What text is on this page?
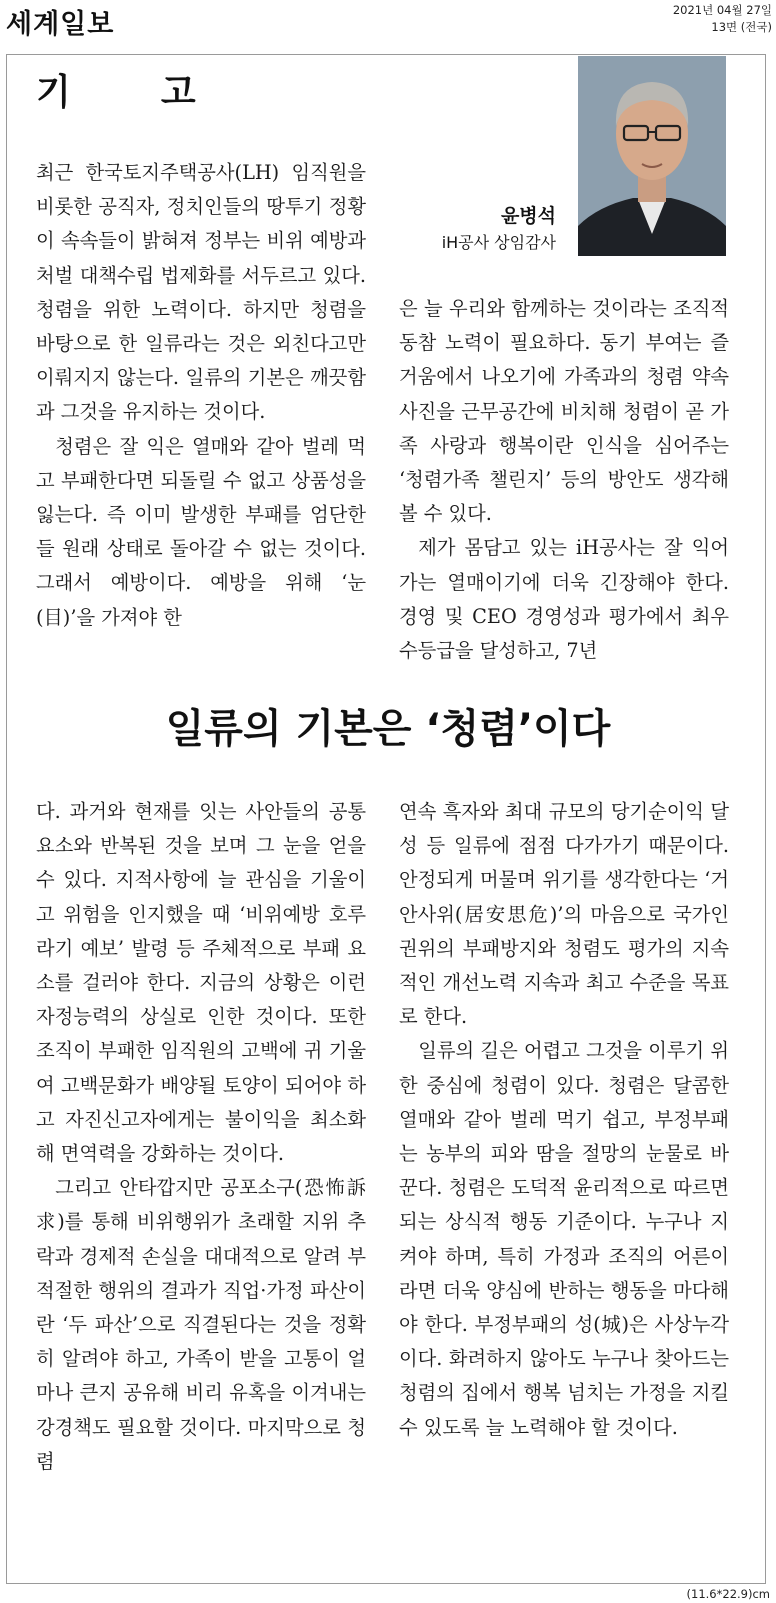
세계일보	2021년 04월 27일
13면 (전국)
기 고
윤병석
iH공사 상임감사

최근 한국토지주택공사(LH) 임직원을 비롯한 공직자, 정치인들의 땅투기 정황이 속속들이 밝혀져 정부는 비위 예방과 처벌 대책수립 법제화를 서두르고 있다. 청렴을 위한 노력이다. 하지만 청렴을 바탕으로 한 일류라는 것은 외친다고만 이뤄지지 않는다. 일류의 기본은 깨끗함과 그것을 유지하는 것이다.

청렴은 잘 익은 열매와 같아 벌레 먹고 부패한다면 되돌릴 수 없고 상품성을 잃는다. 즉 이미 발생한 부패를 엄단한들 원래 상태로 돌아갈 수 없는 것이다. 그래서 예방이다. 예방을 위해 ‘눈(目)’을 가져야 한

은 늘 우리와 함께하는 것이라는 조직적 동참 노력이 필요하다. 동기 부여는 즐거움에서 나오기에 가족과의 청렴 약속사진을 근무공간에 비치해 청렴이 곧 가족 사랑과 행복이란 인식을 심어주는 ‘청렴가족 챌린지’ 등의 방안도 생각해 볼 수 있다.

제가 몸담고 있는 iH공사는 잘 익어가는 열매이기에 더욱 긴장해야 한다. 경영 및 CEO 경영성과 평가에서 최우수등급을 달성하고, 7년

일류의 기본은 ‘청렴’이다

다. 과거와 현재를 잇는 사안들의 공통요소와 반복된 것을 보며 그 눈을 얻을 수 있다. 지적사항에 늘 관심을 기울이고 위험을 인지했을 때 ‘비위예방 호루라기 예보’ 발령 등 주체적으로 부패 요소를 걸러야 한다. 지금의 상황은 이런 자정능력의 상실로 인한 것이다. 또한 조직이 부패한 임직원의 고백에 귀 기울여 고백문화가 배양될 토양이 되어야 하고 자진신고자에게는 불이익을 최소화해 면역력을 강화하는 것이다.

그리고 안타깝지만 공포소구(恐怖訴求)를 통해 비위행위가 초래할 지위 추락과 경제적 손실을 대대적으로 알려 부적절한 행위의 결과가 직업·가정 파산이란 ‘두 파산’으로 직결된다는 것을 정확히 알려야 하고, 가족이 받을 고통이 얼마나 큰지 공유해 비리 유혹을 이겨내는 강경책도 필요할 것이다. 마지막으로 청렴

연속 흑자와 최대 규모의 당기순이익 달성 등 일류에 점점 다가가기 때문이다. 안정되게 머물며 위기를 생각한다는 ‘거안사위(居安思危)’의 마음으로 국가인권위의 부패방지와 청렴도 평가의 지속적인 개선노력 지속과 최고 수준을 목표로 한다.

일류의 길은 어렵고 그것을 이루기 위한 중심에 청렴이 있다. 청렴은 달콤한 열매와 같아 벌레 먹기 쉽고, 부정부패는 농부의 피와 땀을 절망의 눈물로 바꾼다. 청렴은 도덕적 윤리적으로 따르면 되는 상식적 행동 기준이다. 누구나 지켜야 하며, 특히 가정과 조직의 어른이라면 더욱 양심에 반하는 행동을 마다해야 한다. 부정부패의 성(城)은 사상누각이다. 화려하지 않아도 누구나 찾아드는 청렴의 집에서 행복 넘치는 가정을 지킬 수 있도록 늘 노력해야 할 것이다.

(11.6*22.9)cm
